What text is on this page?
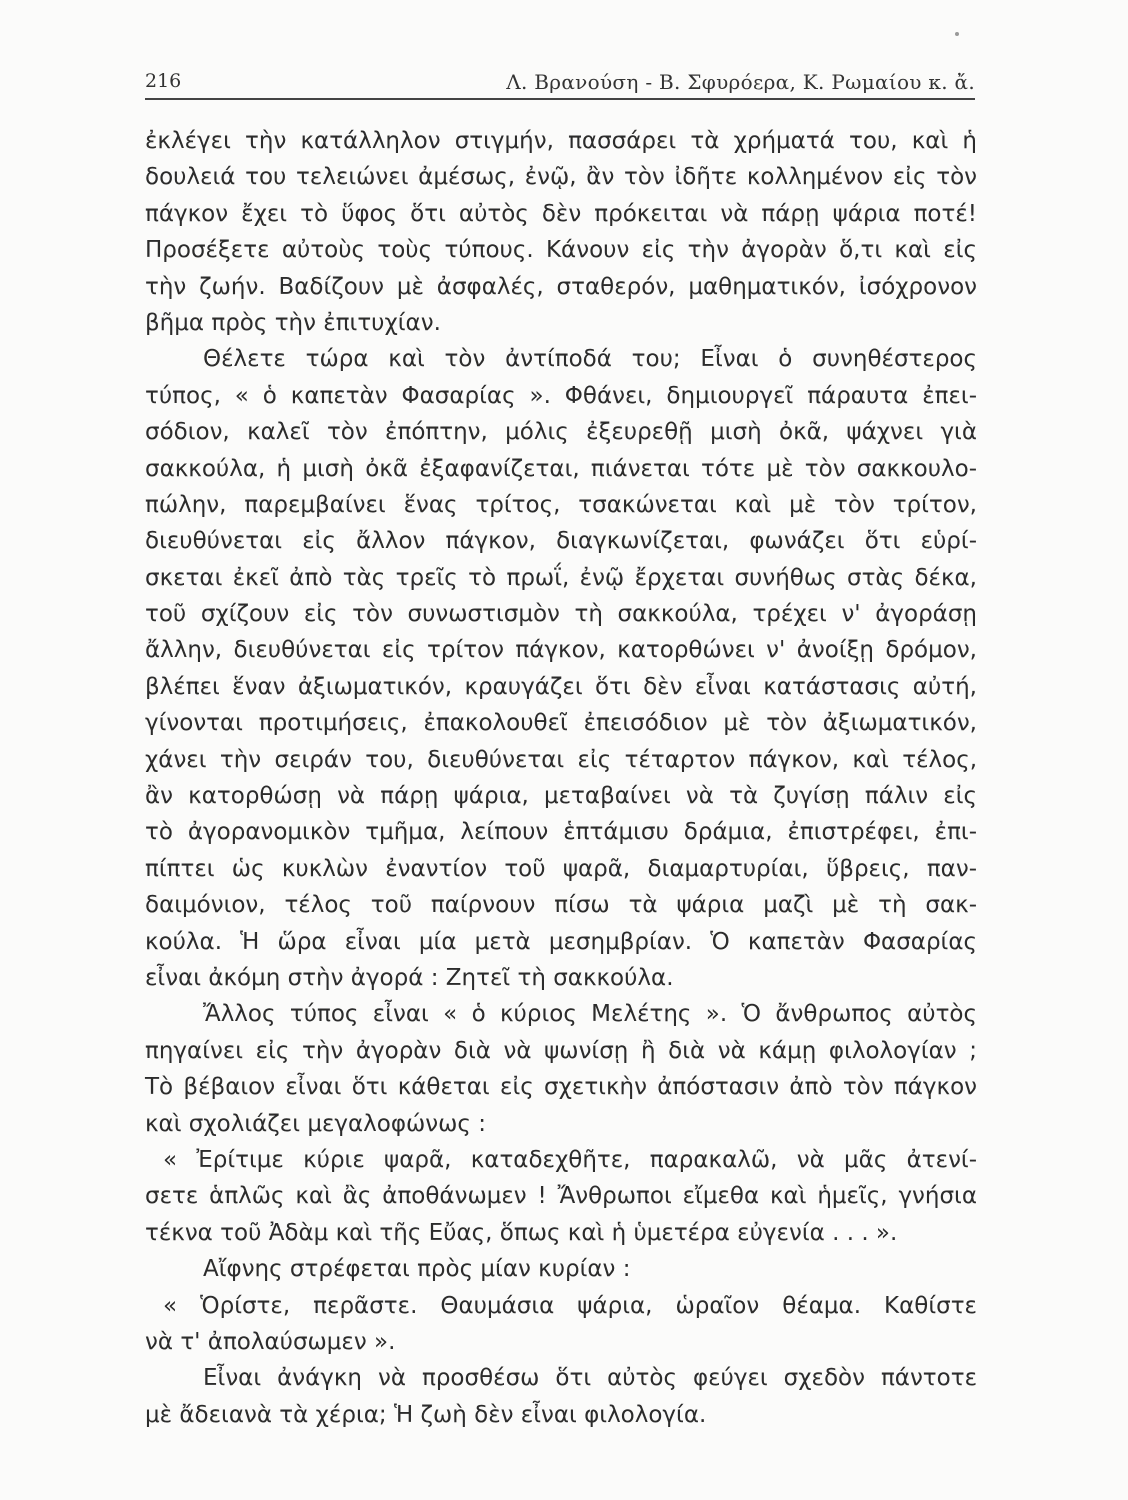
216	Λ. Βρανούση - Β. Σφυρόερα, Κ. Ρωμαίου κ. ἄ.
ἐκλέγει τὴν κατάλληλον στιγμήν, πασσάρει τὰ χρήματά του, καὶ ἡ
δουλειά του τελειώνει ἀμέσως, ἐνῷ, ἂν τὸν ἰδῆτε κολλημένον εἰς τὸν
πάγκον ἔχει τὸ ὕφος ὅτι αὐτὸς δὲν πρόκειται νὰ πάρῃ ψάρια ποτέ!
Προσέξετε αὐτοὺς τοὺς τύπους. Κάνουν εἰς τὴν ἀγορὰν ὅ,τι καὶ εἰς
τὴν ζωήν. Βαδίζουν μὲ ἀσφαλές, σταθερόν, μαθηματικόν, ἰσόχρονον
βῆμα πρὸς τὴν ἐπιτυχίαν.
Θέλετε τώρα καὶ τὸν ἀντίποδά του; Εἶναι ὁ συνηθέστερος
τύπος, « ὁ καπετὰν Φασαρίας ». Φθάνει, δημιουργεῖ πάραυτα ἐπει-
σόδιον, καλεῖ τὸν ἐπόπτην, μόλις ἐξευρεθῇ μισὴ ὀκᾶ, ψάχνει γιὰ
σακκούλα, ἡ μισὴ ὀκᾶ ἐξαφανίζεται, πιάνεται τότε μὲ τὸν σακκουλο-
πώλην, παρεμβαίνει ἕνας τρίτος, τσακώνεται καὶ μὲ τὸν τρίτον,
διευθύνεται εἰς ἄλλον πάγκον, διαγκωνίζεται, φωνάζει ὅτι εὑρί-
σκεται ἐκεῖ ἀπὸ τὰς τρεῖς τὸ πρωΐ, ἐνῷ ἔρχεται συνήθως στὰς δέκα,
τοῦ σχίζουν εἰς τὸν συνωστισμὸν τὴ σακκούλα, τρέχει ν' ἀγοράσῃ
ἄλλην, διευθύνεται εἰς τρίτον πάγκον, κατορθώνει ν' ἀνοίξῃ δρόμον,
βλέπει ἕναν ἀξιωματικόν, κραυγάζει ὅτι δὲν εἶναι κατάστασις αὐτή,
γίνονται προτιμήσεις, ἐπακολουθεῖ ἐπεισόδιον μὲ τὸν ἀξιωματικόν,
χάνει τὴν σειράν του, διευθύνεται εἰς τέταρτον πάγκον, καὶ τέλος,
ἂν κατορθώσῃ νὰ πάρῃ ψάρια, μεταβαίνει νὰ τὰ ζυγίσῃ πάλιν εἰς
τὸ ἀγορανομικὸν τμῆμα, λείπουν ἑπτάμισυ δράμια, ἐπιστρέφει, ἐπι-
πίπτει ὡς κυκλὼν ἐναντίον τοῦ ψαρᾶ, διαμαρτυρίαι, ὕβρεις, παν-
δαιμόνιον, τέλος τοῦ παίρνουν πίσω τὰ ψάρια μαζὶ μὲ τὴ σακ-
κούλα. Ἡ ὥρα εἶναι μία μετὰ μεσημβρίαν. Ὁ καπετὰν Φασαρίας
εἶναι ἀκόμη στὴν ἀγορά : Ζητεῖ τὴ σακκούλα.
Ἄλλος τύπος εἶναι « ὁ κύριος Μελέτης ». Ὁ ἄνθρωπος αὐτὸς
πηγαίνει εἰς τὴν ἀγορὰν διὰ νὰ ψωνίσῃ ἢ διὰ νὰ κάμῃ φιλολογίαν ;
Τὸ βέβαιον εἶναι ὅτι κάθεται εἰς σχετικὴν ἀπόστασιν ἀπὸ τὸν πάγκον
καὶ σχολιάζει μεγαλοφώνως :
« Ἐρίτιμε κύριε ψαρᾶ, καταδεχθῆτε, παρακαλῶ, νὰ μᾶς ἀτενί-
σετε ἁπλῶς καὶ ἂς ἀποθάνωμεν ! Ἄνθρωποι εἴμεθα καὶ ἡμεῖς, γνήσια
τέκνα τοῦ Ἀδὰμ καὶ τῆς Εὔας, ὅπως καὶ ἡ ὑμετέρα εὐγενία . . . ».
Αἴφνης στρέφεται πρὸς μίαν κυρίαν :
« Ὁρίστε, περᾶστε. Θαυμάσια ψάρια, ὡραῖον θέαμα. Καθίστε
νὰ τ' ἀπολαύσωμεν ».
Εἶναι ἀνάγκη νὰ προσθέσω ὅτι αὐτὸς φεύγει σχεδὸν πάντοτε
μὲ ἄδειανὰ τὰ χέρια; Ἡ ζωὴ δὲν εἶναι φιλολογία.
